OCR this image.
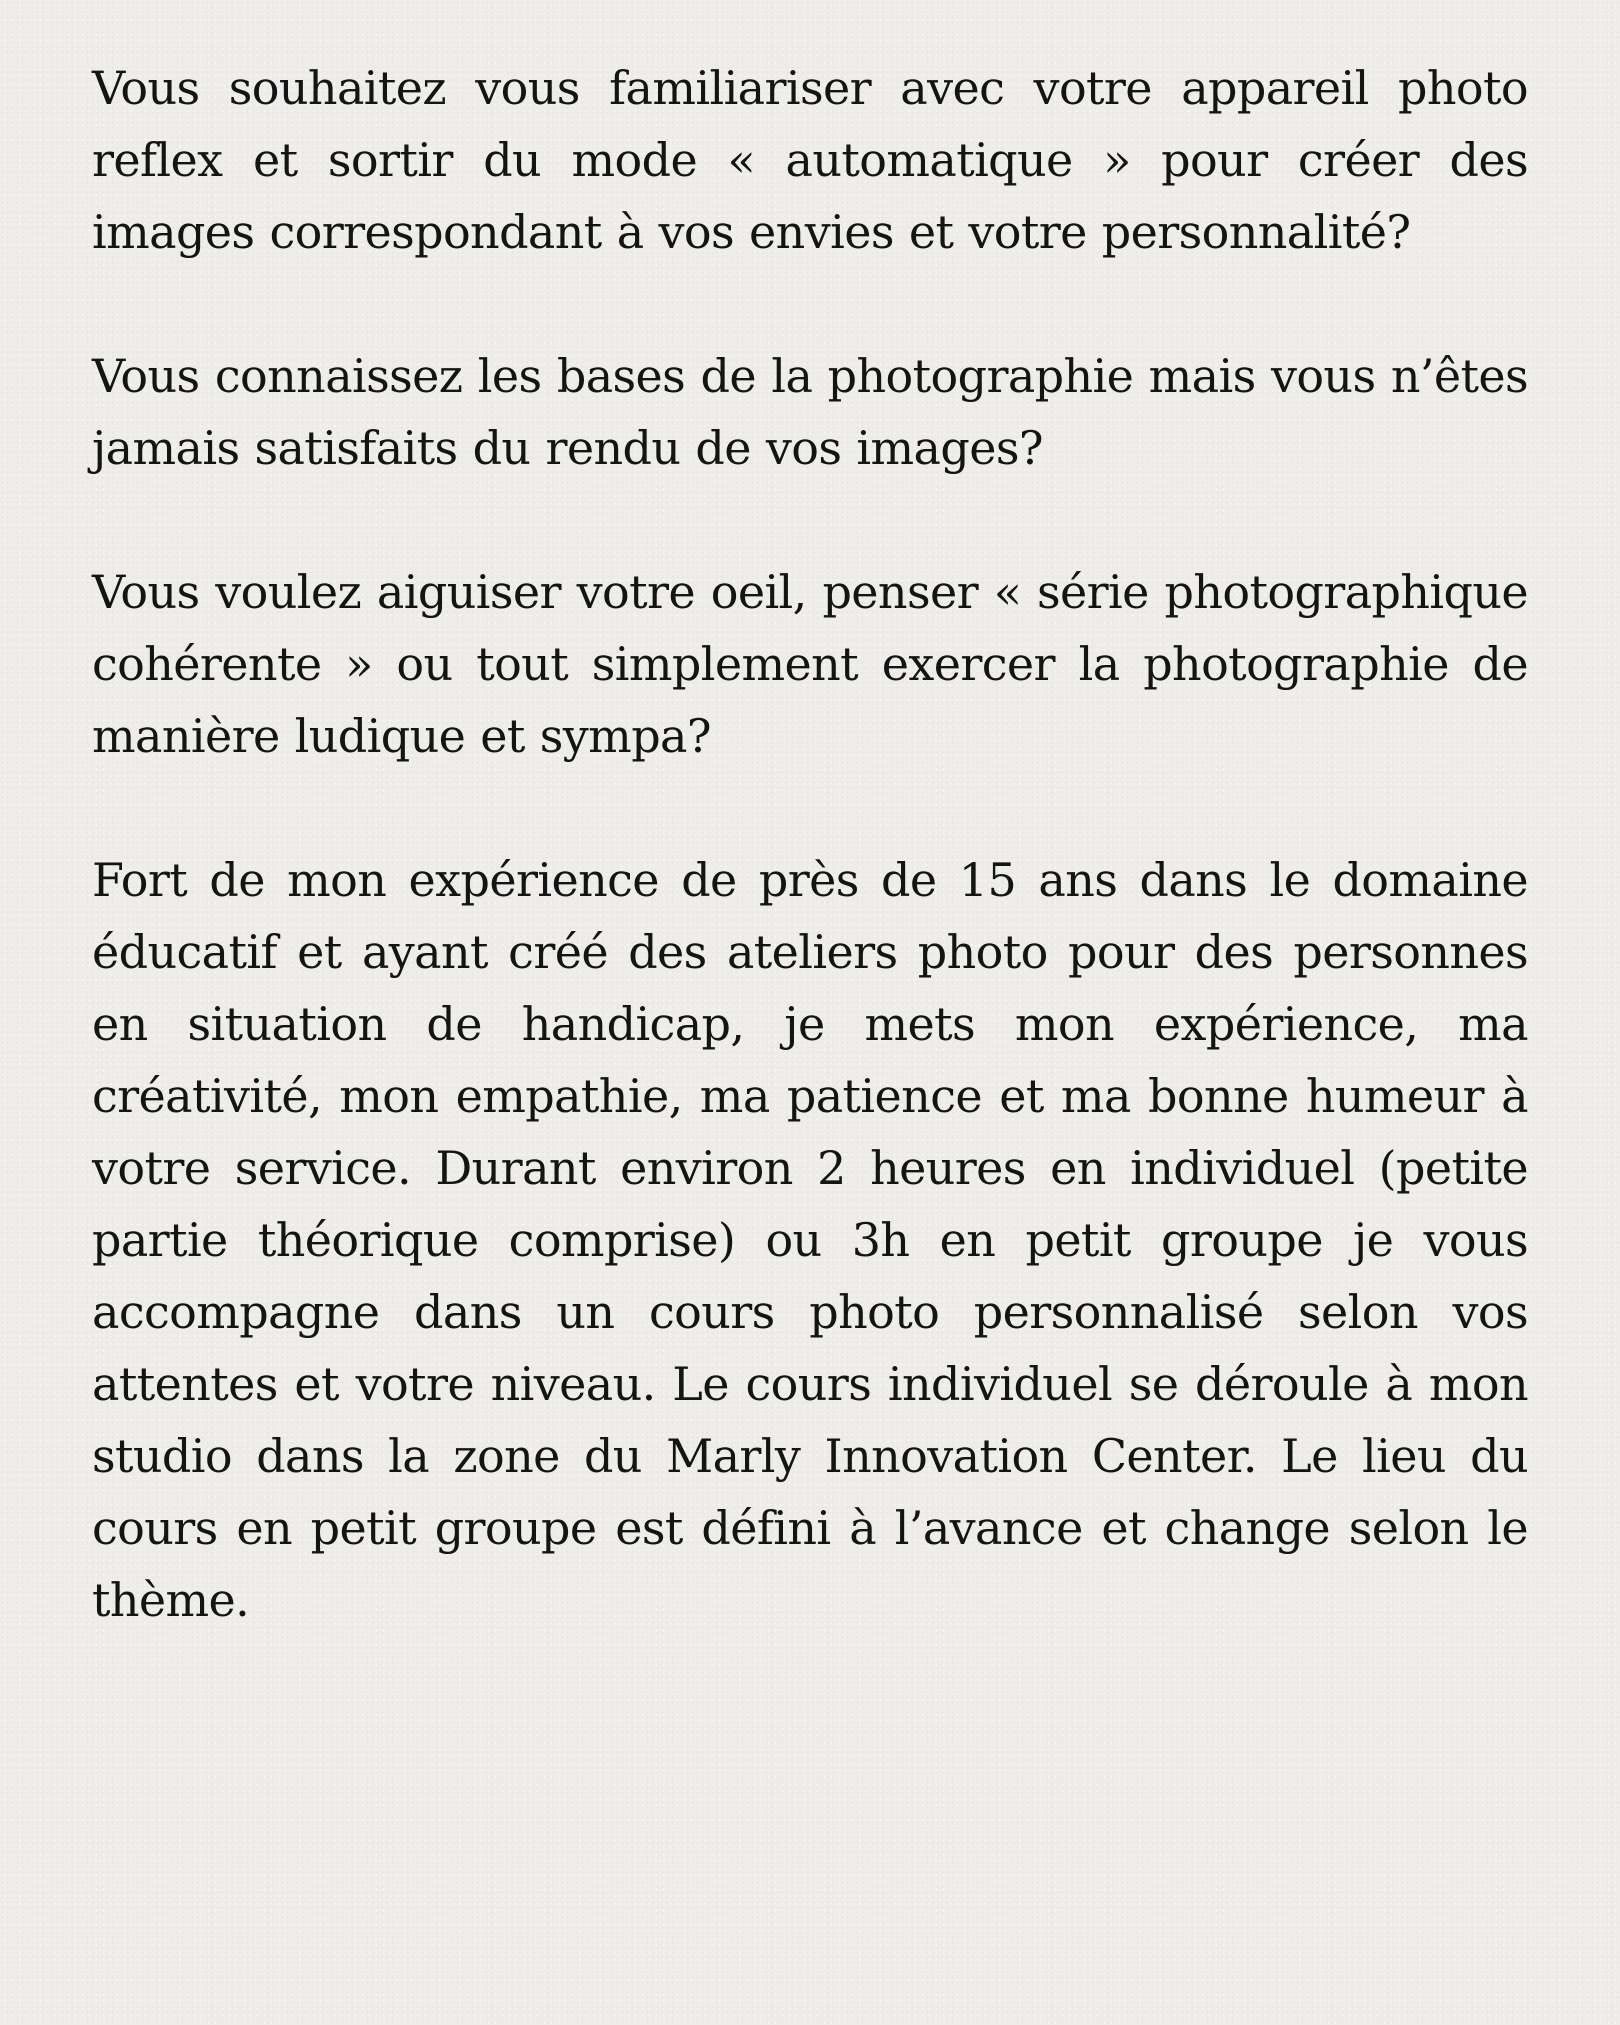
Vous souhaitez vous familiariser avec votre appareil photo reflex et sortir du mode « automatique » pour créer des images correspondant à vos envies et votre personnalité?

Vous connaissez les bases de la photographie mais vous n’êtes jamais satisfaits du rendu de vos images?

Vous voulez aiguiser votre oeil, penser « série photographique cohérente » ou tout simplement exercer la photographie de manière ludique et sympa?

Fort de mon expérience de près de 15 ans dans le domaine éducatif et ayant créé des ateliers photo pour des personnes en situation de handicap, je mets mon expérience, ma créativité, mon empathie, ma patience et ma bonne humeur à votre service. Durant environ 2 heures en individuel (petite partie théorique comprise) ou 3h en petit groupe je vous accompagne dans un cours photo personnalisé selon vos attentes et votre niveau. Le cours individuel se déroule à mon studio dans la zone du Marly Innovation Center. Le lieu du cours en petit groupe est défini à l’avance et change selon le thème.
